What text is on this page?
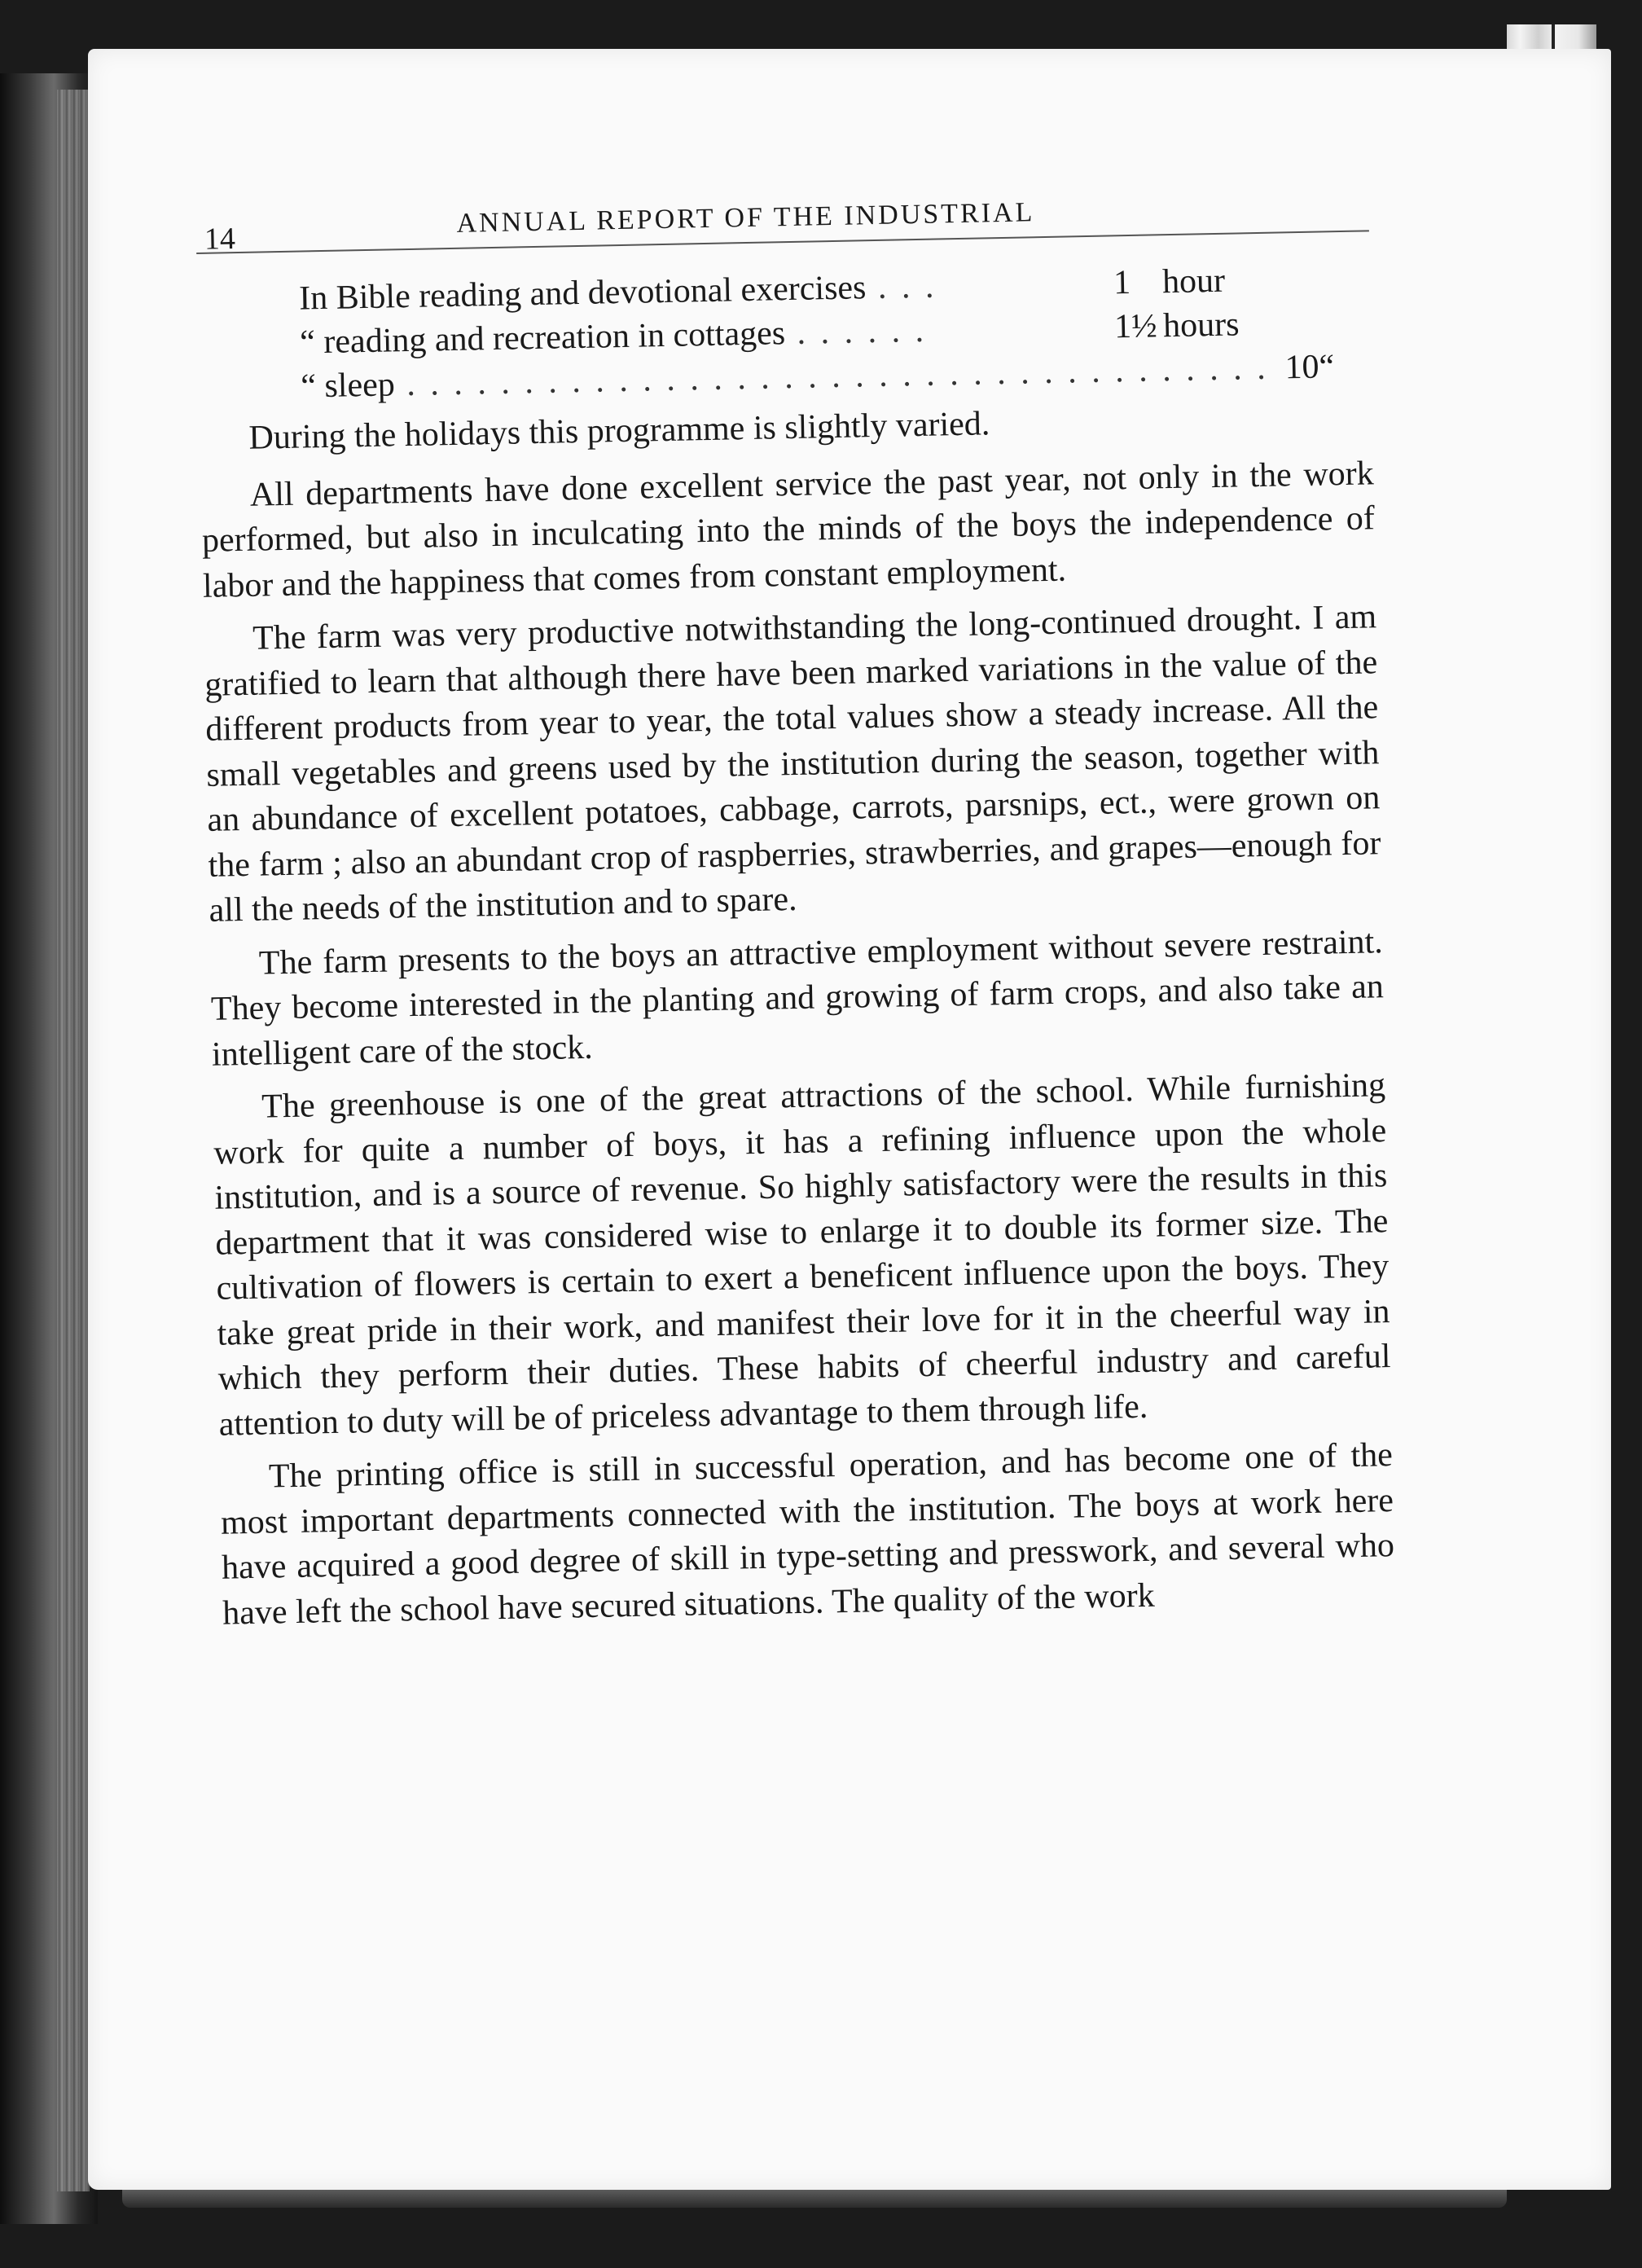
14
ANNUAL REPORT OF THE INDUSTRIAL
In Bible reading and devotional exercises . . .	1 hour
“ reading and recreation in cottages . . . . . .	1½ hours
“ sleep . . . . . . . . . . . . . . . . . . . . . . . . . . . . . . . . . . . . . 10 “

During the holidays this programme is slightly varied.

All departments have done excellent service the past year, not only in the work performed, but also in inculcating into the minds of the boys the independence of labor and the happiness that comes from constant employment.

The farm was very productive notwithstanding the long-continued drought. I am gratified to learn that although there have been marked variations in the value of the different products from year to year, the total values show a steady increase. All the small vegetables and greens used by the institution during the season, together with an abundance of excellent potatoes, cabbage, carrots, parsnips, ect., were grown on the farm ; also an abundant crop of raspberries, strawberries, and grapes—enough for all the needs of the institution and to spare.

The farm presents to the boys an attractive employment without severe restraint. They become interested in the planting and growing of farm crops, and also take an intelligent care of the stock.

The greenhouse is one of the great attractions of the school. While furnishing work for quite a number of boys, it has a refining influence upon the whole institution, and is a source of revenue. So highly satisfactory were the results in this department that it was considered wise to enlarge it to double its former size. The cultivation of flowers is certain to exert a beneficent influence upon the boys. They take great pride in their work, and manifest their love for it in the cheerful way in which they perform their duties. These habits of cheerful industry and careful attention to duty will be of priceless advantage to them through life.

The printing office is still in successful operation, and has become one of the most important departments connected with the institution. The boys at work here have acquired a good degree of skill in type-setting and presswork, and several who have left the school have secured situations. The quality of the work
